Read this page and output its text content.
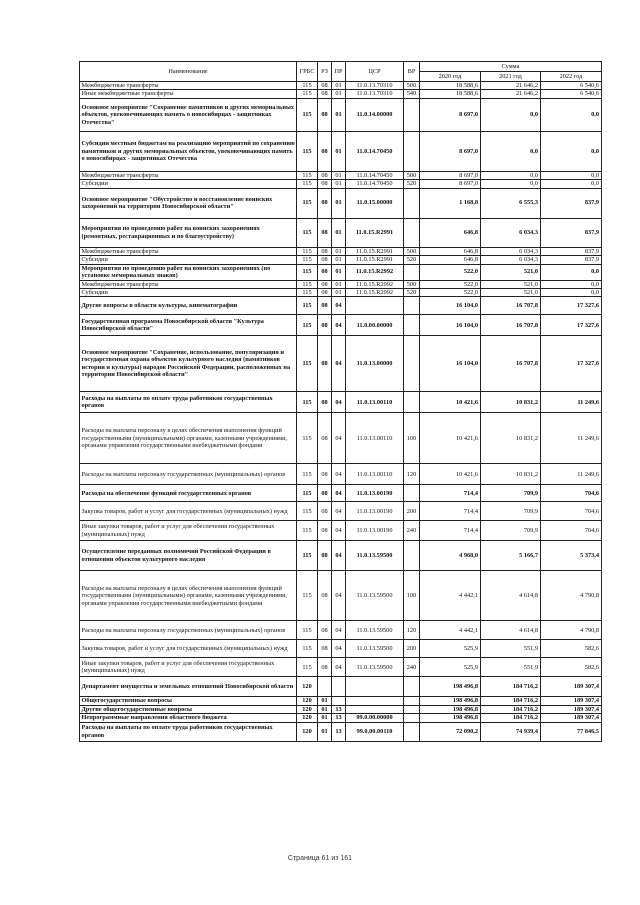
Наименование	ГРБС	РЗ	ПР	ЦСР	ВР	Сумма		
						2020 год	2021 год	2022 год
Межбюджетные трансферты	115	08	01	11.0.13.70310	500	18 588,6	21 646,2	6 540,6
Иные межбюджетные трансферты	115	08	01	11.0.13.70310	540	18 588,6	21 646,2	6 540,6
Основное мероприятие "Сохранение памятников и других мемориальных объектов, увековечивающих память о новосибирцах - защитниках Отечества"	115	08	01	11.0.14.00000		8 697,0	0,0	0,0
Субсидии местным бюджетам на реализацию мероприятий по сохранению памятников и других мемориальных объектов, увековечивающих память о новосибирцах - защитниках Отечества	115	08	01	11.0.14.70450		8 697,0	0,0	0,0
Межбюджетные трансферты	115	08	01	11.0.14.70450	500	8 697,0	0,0	0,0
Субсидии	115	08	01	11.0.14.70450	520	8 697,0	0,0	0,0
Основное мероприятие "Обустройство и восстановление воинских захоронений на территории Новосибирской области"	115	08	01	11.0.15.00000		1 168,8	6 555,3	837,9
Мероприятия по проведению работ на воинских захоронениях (ремонтных, реставрационных и по благоустройству)	115	08	01	11.0.15.R2991		646,8	6 034,3	837,9
Межбюджетные трансферты	115	08	01	11.0.15.R2991	500	646,8	6 034,3	837,9
Субсидии	115	08	01	11.0.15.R2991	520	646,8	6 034,3	837,9
Мероприятия по проведению работ на воинских захоронениях (по установке мемориальных знаков)	115	08	01	11.0.15.R2992		522,0	521,0	0,0
Межбюджетные трансферты	115	08	01	11.0.15.R2992	500	522,0	521,0	0,0
Субсидии	115	08	01	11.0.15.R2992	520	522,0	521,0	0,0
Другие вопросы в области культуры, кинематографии	115	08	04			16 104,0	16 707,8	17 327,6
Государственная программа Новосибирской области "Культура Новосибирской области"	115	08	04	11.0.00.00000		16 104,0	16 707,8	17 327,6
Основное мероприятие "Сохранение, использование, популяризация и государственная охрана объектов культурного наследия (памятников истории и культуры) народов Российской Федерации, расположенных на территории Новосибирской области"	115	08	04	11.0.13.00000		16 104,0	16 707,8	17 327,6
Расходы на выплаты по оплате труда работников государственных органов	115	08	04	11.0.13.00110		10 421,6	10 831,2	11 249,6
Расходы на выплаты персоналу в целях обеспечения выполнения функций государственными (муниципальными) органами, казенными учреждениями, органами управления государственными внебюджетными фондами	115	08	04	11.0.13.00110	100	10 421,6	10 831,2	11 249,6
Расходы на выплаты персоналу государственных (муниципальных) органов	115	08	04	11.0.13.00110	120	10 421,6	10 831,2	11 249,6
Расходы на обеспечение функций государственных органов	115	08	04	11.0.13.00190		714,4	709,9	704,6
Закупка товаров, работ и услуг для государственных (муниципальных) нужд	115	08	04	11.0.13.00190	200	714,4	709,9	704,6
Иные закупки товаров, работ и услуг для обеспечения государственных (муниципальных) нужд	115	08	04	11.0.13.00190	240	714,4	709,9	704,6
Осуществление переданных полномочий Российской Федерации в отношении объектов культурного наследия	115	08	04	11.0.13.59500		4 968,0	5 166,7	5 373,4
Расходы на выплаты персоналу в целях обеспечения выполнения функций государственными (муниципальными) органами, казенными учреждениями, органами управления государственными внебюджетными фондами	115	08	04	11.0.13.59500	100	4 442,1	4 614,8	4 790,8
Расходы на выплаты персоналу государственных (муниципальных) органов	115	08	04	11.0.13.59500	120	4 442,1	4 614,8	4 790,8
Закупка товаров, работ и услуг для государственных (муниципальных) нужд	115	08	04	11.0.13.59500	200	525,9	551,9	582,6
Иные закупки товаров, работ и услуг для обеспечения государственных (муниципальных) нужд	115	08	04	11.0.13.59500	240	525,9	551,9	582,6
Департамент имущества и земельных отношений Новосибирской области	120					198 496,8	184 716,2	189 307,4
Общегосударственные вопросы	120	01				198 496,8	184 716,2	189 307,4
Другие общегосударственные вопросы	120	01	13			198 496,8	184 716,2	189 307,4
Непрограммные направления областного бюджета	120	01	13	99.0.00.00000		198 496,8	184 716,2	189 307,4
Расходы на выплаты по оплате труда работников государственных органов	120	01	13	99.0.00.00110		72 090,2	74 939,4	77 846,5
Страница 61 из 161
